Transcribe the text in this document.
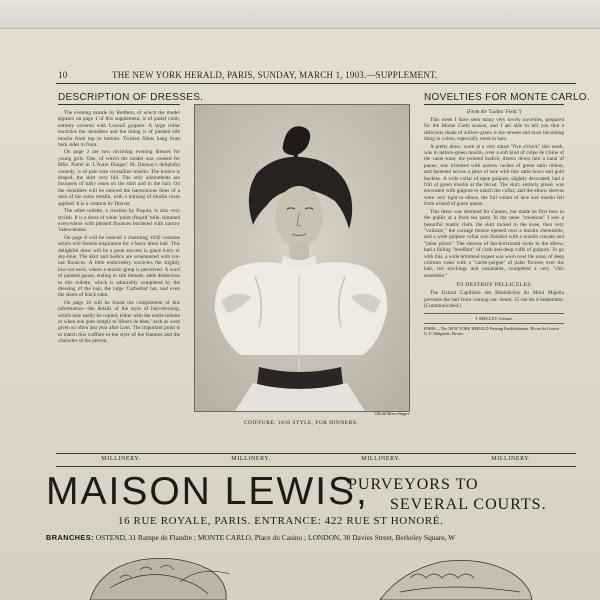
10	THE NEW YORK HERALD, PARIS, SUNDAY, MARCH 1, 1903.—SUPPLEMENT.
DESCRIPTION OF DRESSES.

The evening mantle by Redfern, of which the model appears on page 1 of this supplement, is of pastel cloth, entirely covered with Luxeuil guipure. A large collar encircles the shoulders and the lining is of pleated silk muslin from top to bottom. Twisted fillets hang from both sides in front.

On page 2 are two ravishing evening dresses for young girls. One, of which the model was created for Mlle. Poiret in 'L'Autre Danger,' M. Donnay's delightful comedy, is of pale rose crystalline muslin. The bodice is draped, the skirt very full. The only adornments are bouquets of baby roses on the skirt and in the hair. On the shoulders will be noticed the harmonious lines of a sash of the same muslin, with a training of muslin roses applied. It is a creation by Doucet.

The other toilette, a creation by Paquin, is also very stylish. It is a dress of white 'point d'esprit' tulle, trimmed everywhere with pleated flounces bordered with narrow Valenciennes.

On page 8 will be noticed a charming 1830 costume which will furnish inspiration for a fancy dress ball. This delightful dress will be a great success in glacé ivory or sky-blue. The skirt and bodice are ornamented with cut-out flounces. A little embroidery encircles the slightly low-cut neck, where a muslin gimp is perceived. A scarf of painted gauze, ending in silk threads, adds distinction to this toilette, which is admirably completed by the dressing of the hair, the large 'Cathedral' hat, and even the shoes of black satin.

On page 10 will be found the complement of this information—the details of the style of hair-dressing, which may easily be copied, either with the entire toilette or when one goes simply to 'dîners de têtes,' such as were given so often last year after Lent. The important point is to match this coiffure to the style of the features and the character of the person.

Olivid Bencelinger.
COIFFURE, 1830 STYLE, FOR DINNERS.
NOVELTIES FOR MONTE CARLO.
(From the "Ladies' Field.")

This week I have seen many very lovely novelties, prepared for the Monte Carlo season, and I am able to tell you that a delicious shade of willow-green is the newest and most becoming thing in colors, especially rossé in hats.

A pretty dress, worn at a very smart "five o'clock" this week, was in lettuce-green muslin, over a soft kind of crêpe de Chine of the same tone; the pointed bodice, drawn down into a band of panne, was trimmed with narrow ruches of green satin ribbon, and fastened across a jabot of lace with tiny satin bows and gold buckles. A wide collar of open guipure, slightly decorated, had a frill of green muslin at the throat. The skirt, entirely plissé, was encrusted with guipure to match the collar; and the elbow sleeves were very tight to elbow, the full volant of lace and muslin fell from a band of green panne.

This dress was destined for Cannes, but made its first bow to the public at a Paris tea party. In the same "creations" I saw a beautiful mastic cloth, the skirt tucked to the knee, then very "voilante," the corsage blouse opened over a muslin chemisette, and a wide guipure collar was finished with a muslin cravate and "jabot plissé." The sleeves of fan-horizontal tucks to the elbow, had a falling "bouffant" of cloth and deep cuffs of guipure. To go with this, a wide brimmed toquet was worn over the nose, of deep crimson roses with a "cache-peigne" of paler flowers over the hair, red stockings and unsuitable, completed a very "chic ensemble."

TO DESTROY PELLICULES.

The Extrait Capillaire des Bénédictins du Mont Majella prevents the hair from coming out. Senet, 35 rue du 4-Septembre. (Communicated.)

J. MELLET, Géraut.
PARIS.—The NEW YORK HERALD Printing Establishment, 38 rue du Louvre. G. F. Mulgandt, Printer.
MILLINERY.	MILLINERY.	MILLINERY.	MILLINERY.
MAISON LEWIS,
PURVEYORS TO
SEVERAL COURTS.
16 RUE ROYALE, PARIS. ENTRANCE: 422 RUE ST HONORÉ.
BRANCHES: OSTEND, 31 Rampe de Flandre ; MONTE CARLO, Place du Casino ; LONDON, 30 Davies Street, Berkeley Square, W
